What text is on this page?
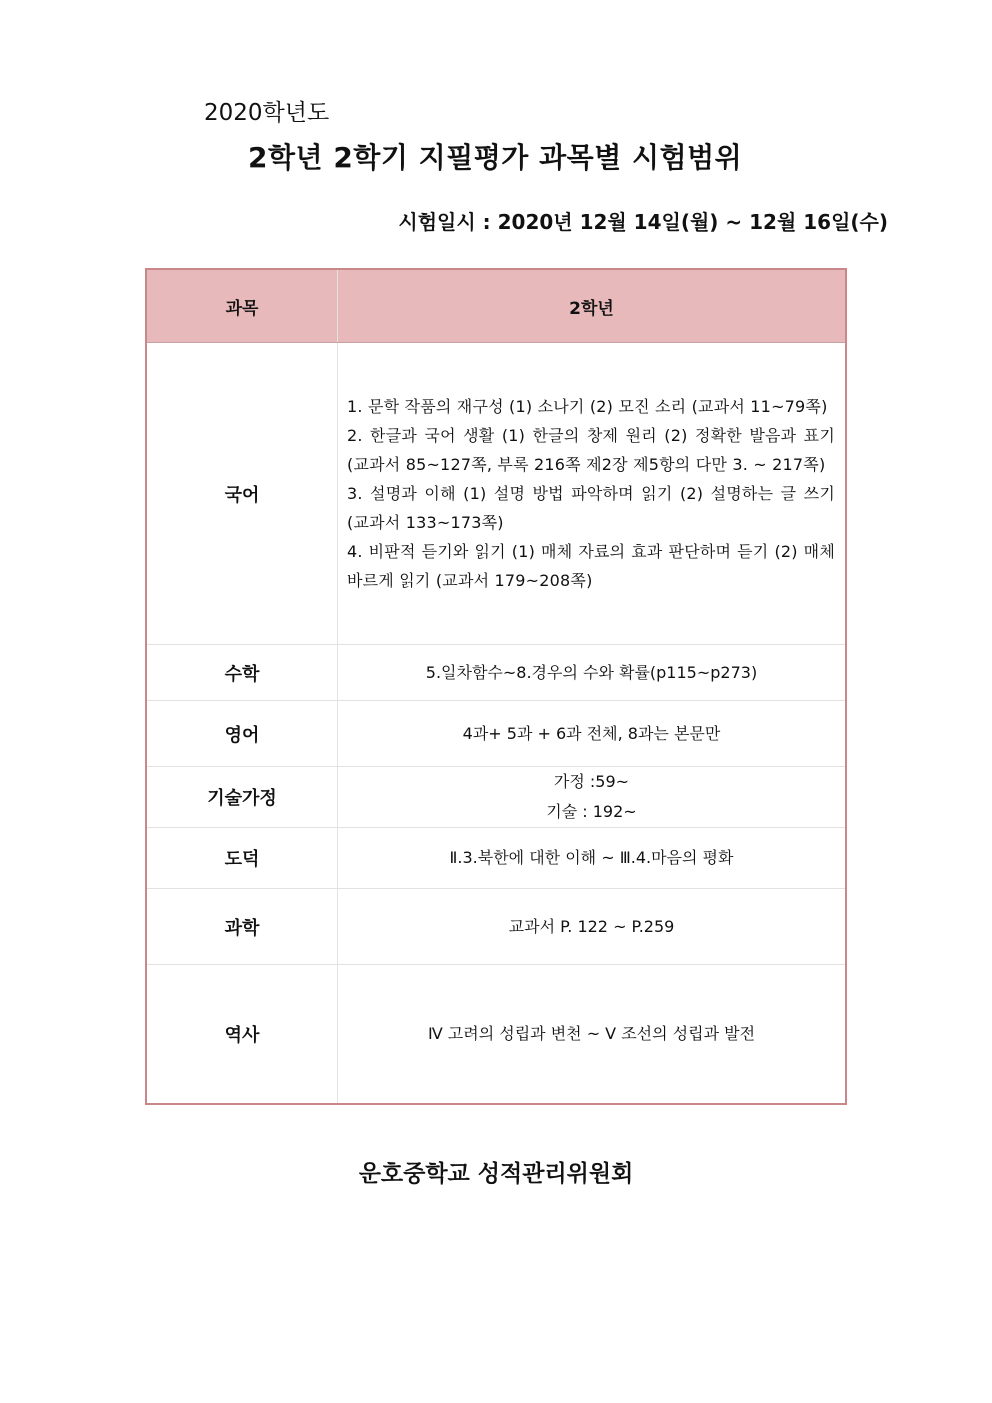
2020학년도
2학년 2학기 지필평가 과목별 시험범위
시험일시 : 2020년 12월 14일(월) ~ 12월 16일(수)
과목	2학년
국어	1. 문학 작품의 재구성 (1) 소나기 (2) 모진 소리 (교과서 11~79쪽)
2. 한글과 국어 생활 (1) 한글의 창제 원리 (2) 정확한 발음과 표기 (교과서 85~127쪽, 부록 216쪽 제2장 제5항의 다만 3. ~ 217쪽)
3. 설명과 이해 (1) 설명 방법 파악하며 읽기 (2) 설명하는 글 쓰기 (교과서 133~173쪽)
4. 비판적 듣기와 읽기 (1) 매체 자료의 효과 판단하며 듣기 (2) 매체 바르게 읽기 (교과서 179~208쪽)

수학	5.일차함수~8.경우의 수와 확률(p115~p273)
영어	4과+ 5과 + 6과 전체, 8과는 본문만
기술가정	가정 :59~
기술 : 192~

도덕	Ⅱ.3.북한에 대한 이해 ~ Ⅲ.4.마음의 평화
과학	교과서 P. 122 ~ P.259
역사	Ⅳ 고려의 성립과 변천 ~ Ⅴ 조선의 성립과 발전
운호중학교 성적관리위원회
